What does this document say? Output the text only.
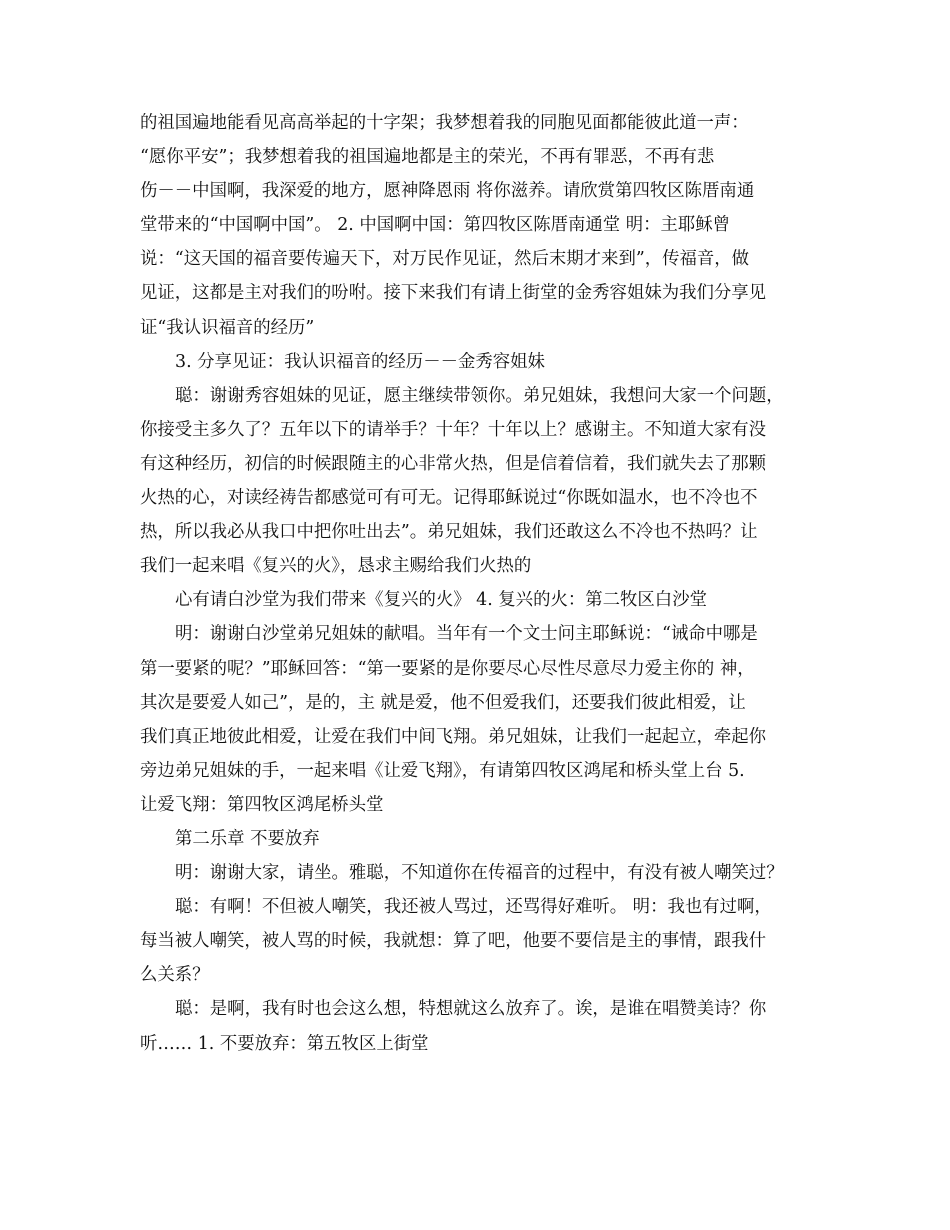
的祖国遍地能看见高高举起的十字架；我梦想着我的同胞见面都能彼此道一声：
“愿你平安”；我梦想着我的祖国遍地都是主的荣光，不再有罪恶，不再有悲
伤－－中国啊，我深爱的地方，愿神降恩雨 将你滋养。请欣赏第四牧区陈厝南通
堂带来的“中国啊中国”。 2. 中国啊中国：第四牧区陈厝南通堂 明：主耶稣曾
说：“这天国的福音要传遍天下，对万民作见证，然后末期才来到”，传福音，做
见证，这都是主对我们的吩咐。接下来我们有请上街堂的金秀容姐妹为我们分享见
证“我认识福音的经历”
3. 分享见证：我认识福音的经历－－金秀容姐妹
聪：谢谢秀容姐妹的见证，愿主继续带领你。弟兄姐妹，我想问大家一个问题，
你接受主多久了？五年以下的请举手？十年？十年以上？感谢主。不知道大家有没
有这种经历，初信的时候跟随主的心非常火热，但是信着信着，我们就失去了那颗
火热的心，对读经祷告都感觉可有可无。记得耶稣说过“你既如温水，也不冷也不
热，所以我必从我口中把你吐出去”。弟兄姐妹，我们还敢这么不冷也不热吗？让
我们一起来唱《复兴的火》，恳求主赐给我们火热的
心有请白沙堂为我们带来《复兴的火》 4. 复兴的火：第二牧区白沙堂
明：谢谢白沙堂弟兄姐妹的献唱。当年有一个文士问主耶稣说：“诫命中哪是
第一要紧的呢？”耶稣回答：“第一要紧的是你要尽心尽性尽意尽力爱主你的 神，
其次是要爱人如己”，是的，主 就是爱，他不但爱我们，还要我们彼此相爱，让
我们真正地彼此相爱，让爱在我们中间飞翔。弟兄姐妹，让我们一起起立，牵起你
旁边弟兄姐妹的手，一起来唱《让爱飞翔》，有请第四牧区鸿尾和桥头堂上台 5.
让爱飞翔：第四牧区鸿尾桥头堂
第二乐章 不要放弃
明：谢谢大家，请坐。雅聪，不知道你在传福音的过程中，有没有被人嘲笑过？
聪：有啊！不但被人嘲笑，我还被人骂过，还骂得好难听。 明：我也有过啊，
每当被人嘲笑，被人骂的时候，我就想：算了吧，他要不要信是主的事情，跟我什
么关系？
聪：是啊，我有时也会这么想，特想就这么放弃了。诶，是谁在唱赞美诗？你
听…… 1. 不要放弃：第五牧区上街堂
